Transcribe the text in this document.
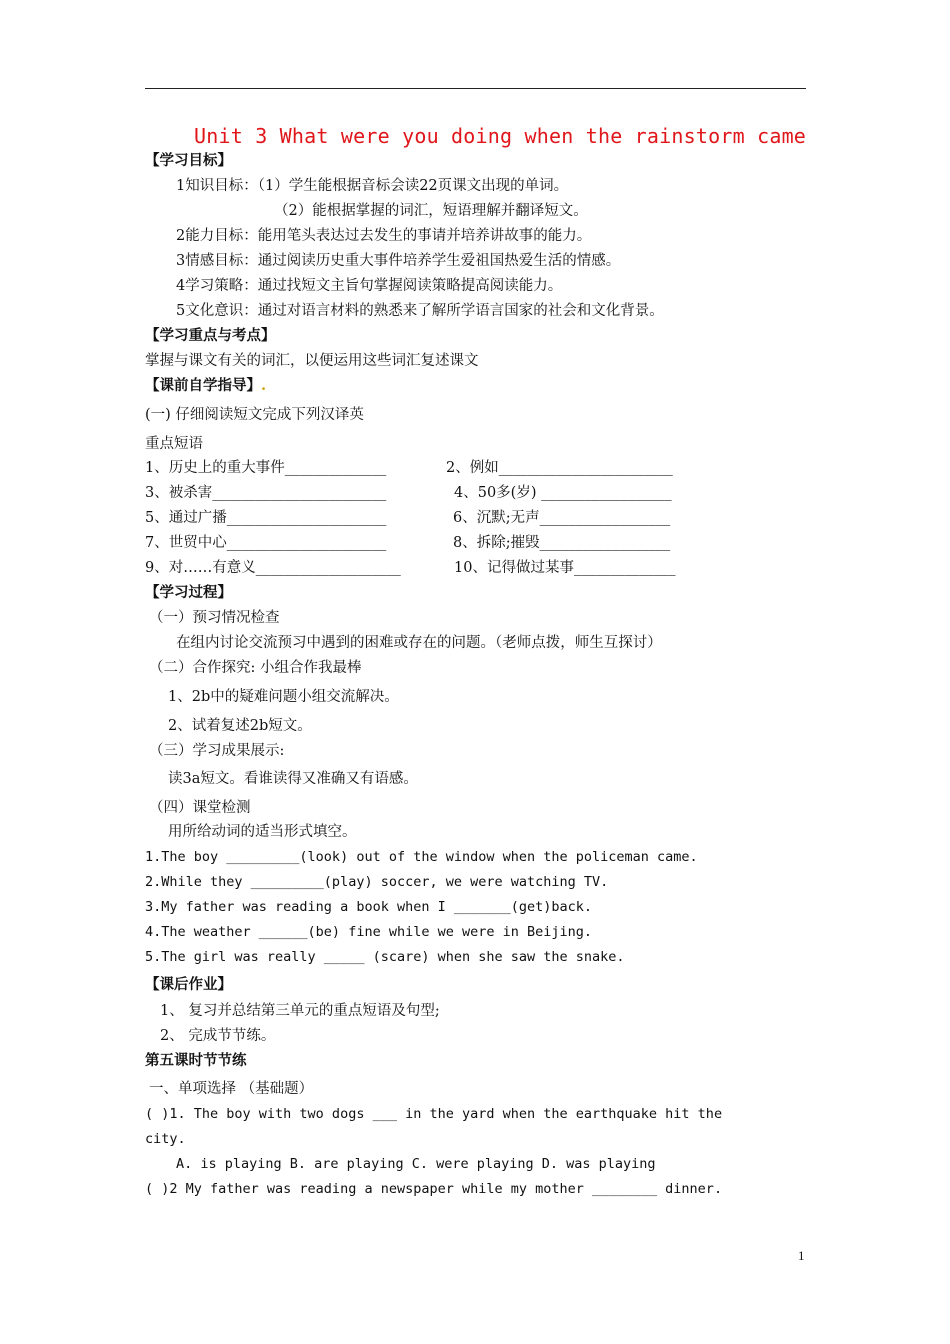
Unit 3 What were you doing when the rainstorm came
【学习目标】
1知识目标：（1）学生能根据音标会读22页课文出现的单词。
（2）能根据掌握的词汇，短语理解并翻译短文。
2能力目标：能用笔头表达过去发生的事请并培养讲故事的能力。
3情感目标：通过阅读历史重大事件培养学生爱祖国热爱生活的情感。
4学习策略：通过找短文主旨句掌握阅读策略提高阅读能力。
5文化意识：通过对语言材料的熟悉来了解所学语言国家的社会和文化背景。
【学习重点与考点】
掌握与课文有关的词汇，以便运用这些词汇复述课文
【课前自学指导】.
(一) 仔细阅读短文完成下列汉译英
重点短语
1、历史上的重大事件______________	2、例如________________________
3、被杀害________________________	4、50多(岁) __________________
5、通过广播______________________	6、沉默;无声__________________
7、世贸中心______________________	8、拆除;摧毁__________________
9、对……有意义____________________	10、记得做过某事______________
【学习过程】
（一）预习情况检查
在组内讨论交流预习中遇到的困难或存在的问题。（老师点拨，师生互探讨）
（二）合作探究: 小组合作我最棒
1、2b中的疑难问题小组交流解决。
2、试着复述2b短文。
（三）学习成果展示:
读3a短文。看谁读得又准确又有语感。
（四）课堂检测
用所给动词的适当形式填空。
1.The boy _________(look) out of the window when the policeman came.
2.While they _________(play) soccer, we were watching TV.
3.My father was reading a book when I _______(get)back.
4.The weather ______(be) fine while we were in Beijing.
5.The girl was really _____ (scare) when she saw the snake.
【课后作业】
1、 复习并总结第三单元的重点短语及句型;
2、 完成节节练。
第五课时节节练
一、单项选择 （基础题）
( )1. The boy with two dogs ___ in the yard when the earthquake hit the
city.
A. is playing B. are playing C. were playing D. was playing
( )2 My father was reading a newspaper while my mother ________ dinner.
1
